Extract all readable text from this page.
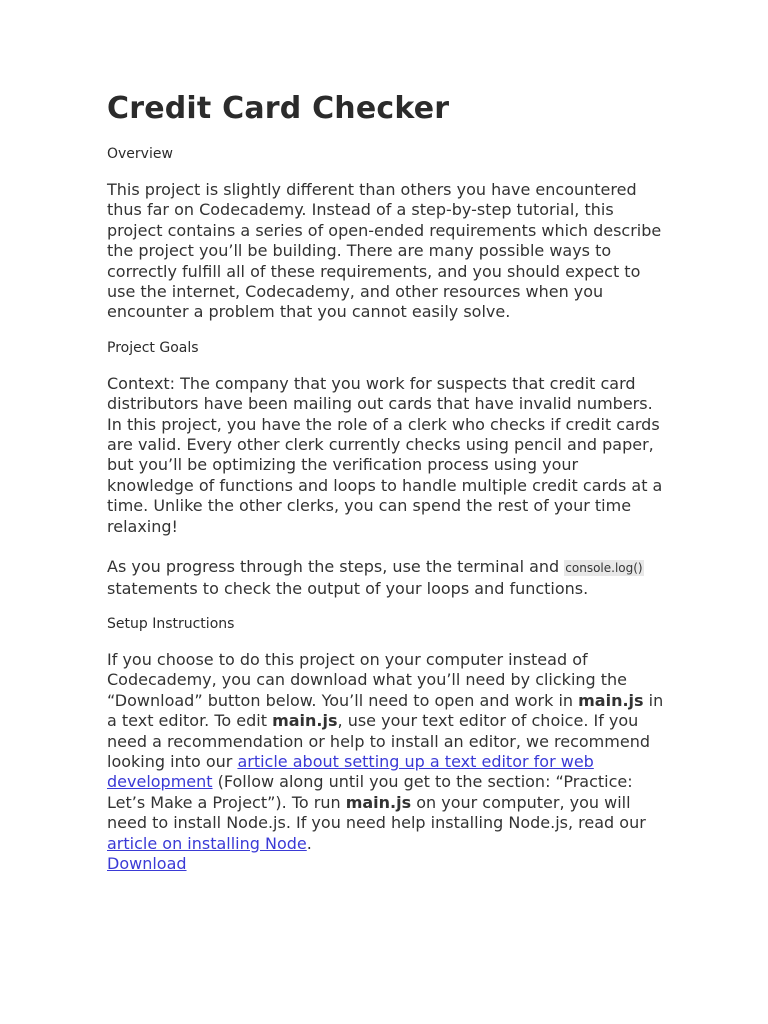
Credit Card Checker
Overview

This project is slightly different than others you have encountered thus far on Codecademy. Instead of a step-by-step tutorial, this project contains a series of open-ended requirements which describe the project you’ll be building. There are many possible ways to correctly fulfill all of these requirements, and you should expect to use the internet, Codecademy, and other resources when you encounter a problem that you cannot easily solve.

Project Goals

Context: The company that you work for suspects that credit card distributors have been mailing out cards that have invalid numbers. In this project, you have the role of a clerk who checks if credit cards are valid. Every other clerk currently checks using pencil and paper, but you’ll be optimizing the verification process using your knowledge of functions and loops to handle multiple credit cards at a time. Unlike the other clerks, you can spend the rest of your time relaxing!

As you progress through the steps, use the terminal and console.log() statements to check the output of your loops and functions.

Setup Instructions

If you choose to do this project on your computer instead of Codecademy, you can download what you’ll need by clicking the “Download” button below. You’ll need to open and work in main.js in a text editor. To edit main.js, use your text editor of choice. If you need a recommendation or help to install an editor, we recommend looking into our article about setting up a text editor for web development (Follow along until you get to the section: “Practice: Let’s Make a Project”). To run main.js on your computer, you will need to install Node.js. If you need help installing Node.js, read our article on installing Node.
Download
